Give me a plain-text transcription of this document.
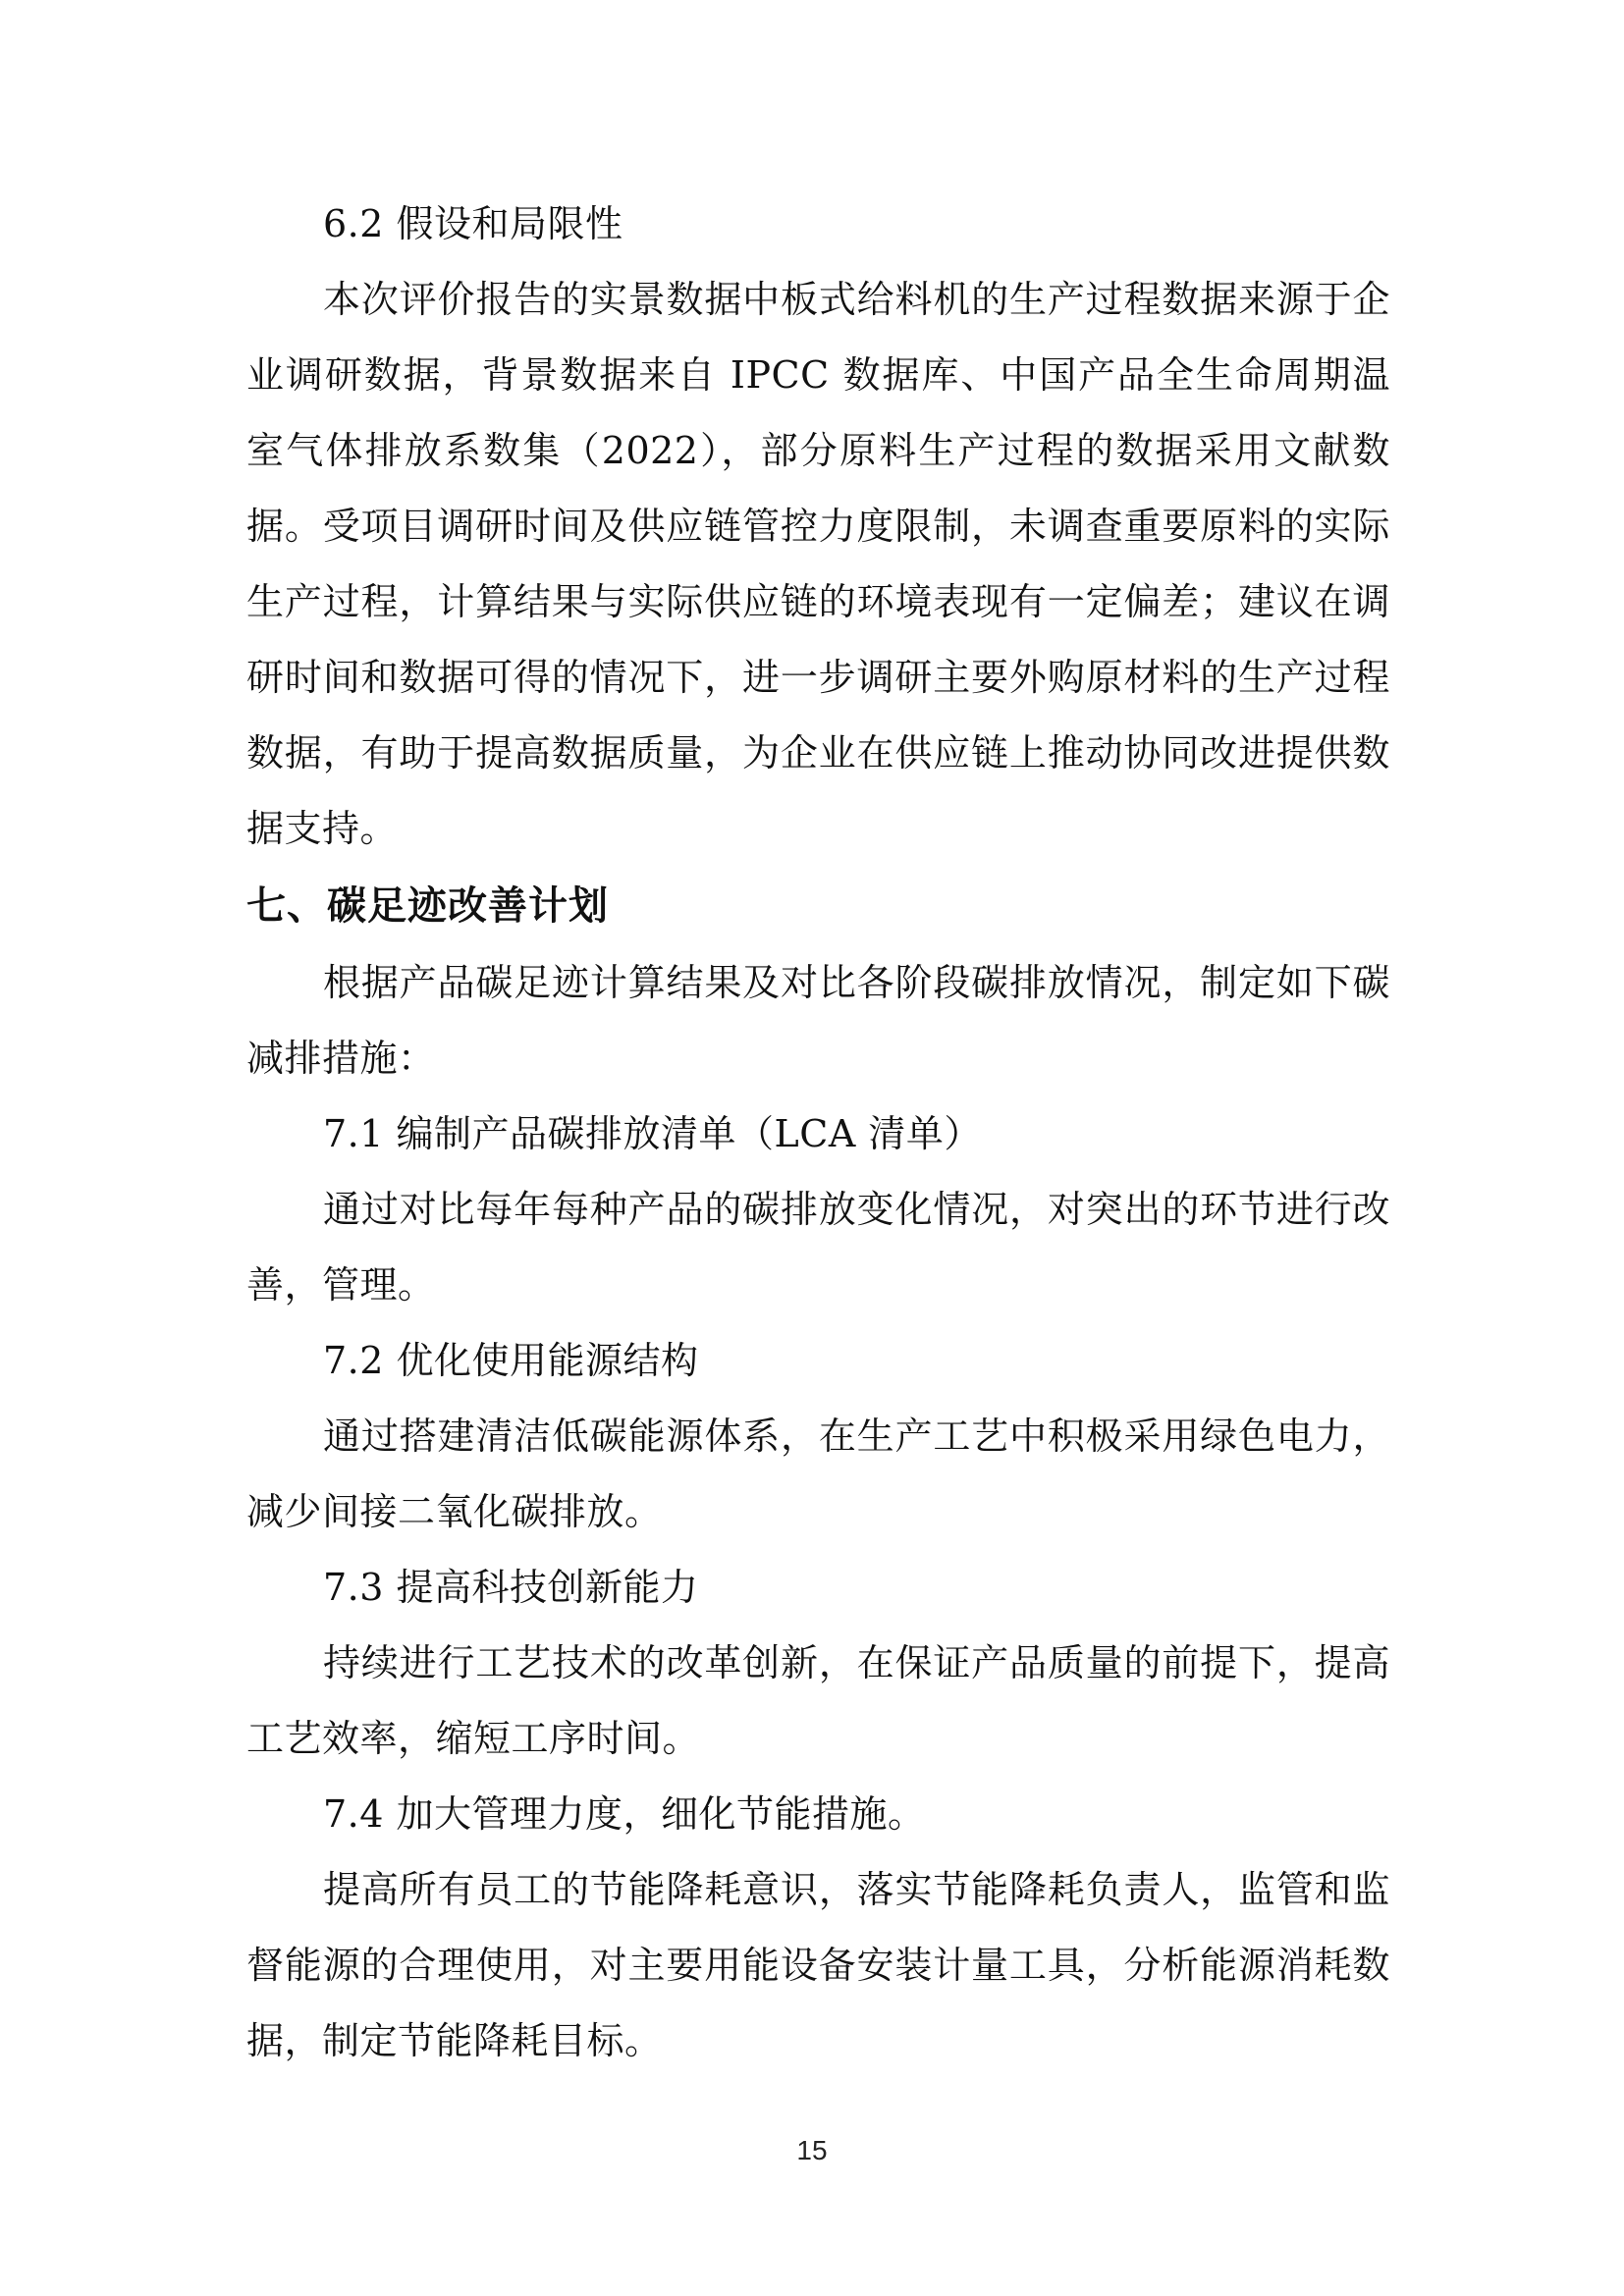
6.2 假设和局限性

本次评价报告的实景数据中板式给料机的生产过程数据来源于企业调研数据，背景数据来自 IPCC 数据库、中国产品全生命周期温室气体排放系数集（2022），部分原料生产过程的数据采用文献数据。受项目调研时间及供应链管控力度限制，未调查重要原料的实际生产过程，计算结果与实际供应链的环境表现有一定偏差；建议在调研时间和数据可得的情况下，进一步调研主要外购原材料的生产过程数据，有助于提高数据质量，为企业在供应链上推动协同改进提供数据支持。

七、碳足迹改善计划

根据产品碳足迹计算结果及对比各阶段碳排放情况，制定如下碳减排措施：

7.1 编制产品碳排放清单（LCA 清单）

通过对比每年每种产品的碳排放变化情况，对突出的环节进行改善，管理。

7.2 优化使用能源结构

通过搭建清洁低碳能源体系，在生产工艺中积极采用绿色电力，减少间接二氧化碳排放。

7.3 提高科技创新能力

持续进行工艺技术的改革创新，在保证产品质量的前提下，提高工艺效率，缩短工序时间。

7.4 加大管理力度，细化节能措施。

提高所有员工的节能降耗意识，落实节能降耗负责人，监管和监督能源的合理使用，对主要用能设备安装计量工具，分析能源消耗数据，制定节能降耗目标。

15
